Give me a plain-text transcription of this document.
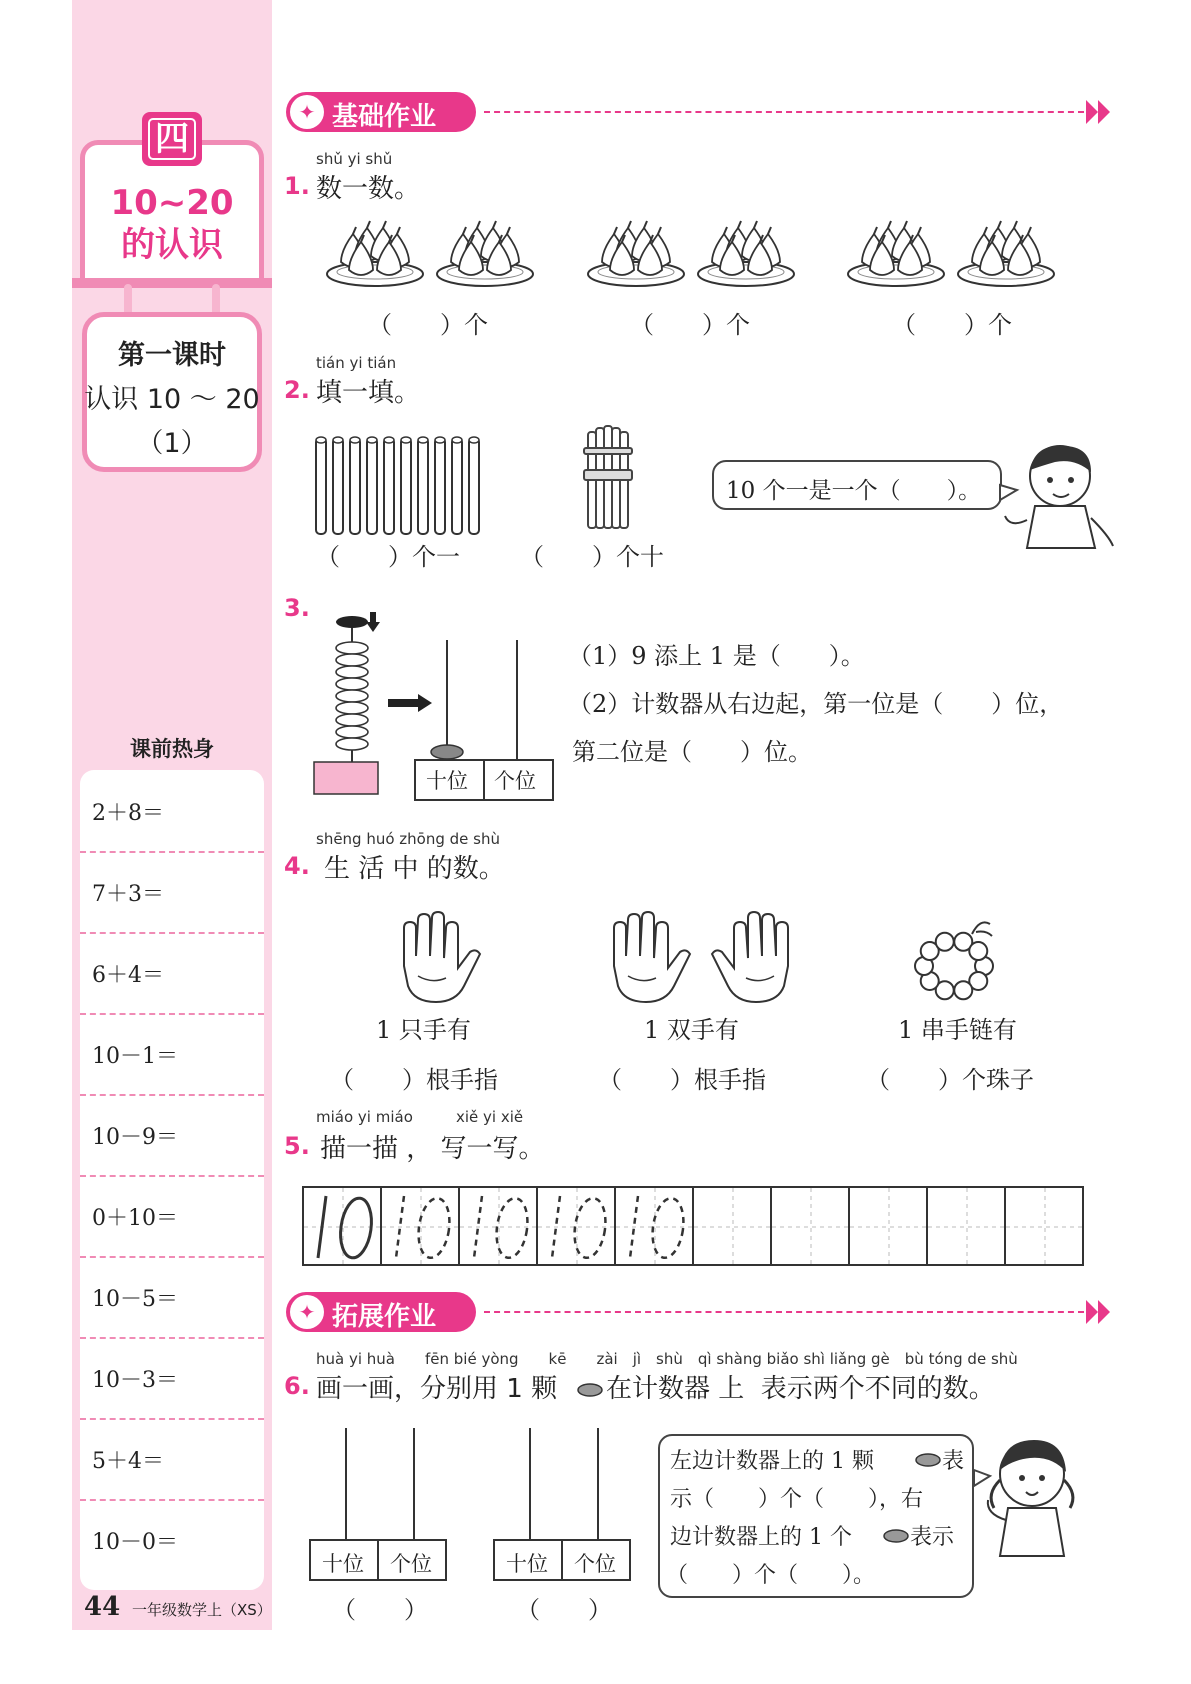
四
10~20
的认识
第一课时
认识 10 ～ 20
（1）
课前热身
2＋8＝
7＋3＝
6＋4＝
10－1＝
10－9＝
0＋10＝
10－5＝
10－3＝
5＋4＝
10－0＝
44 一年级数学上（XS）
✦ 基础作业
shǔ yi shǔ
1. 数一数。
（　　）个	（　　）个	（　　）个
tián yi tián
2. 填一填。
（　　）个一	（　　）个十
10 个一是一个（　　）。
3.
十位 个位
（1）9 添上 1 是（　　）。
（2）计数器从右边起，第一位是（　　）位，
第二位是（　　）位。
shēng huó zhōng de shù
4. 生 活 中 的数。
1 只手有	1 双手有	1 串手链有
（　　）根手指	（　　）根手指	（　　）个珠子
miáo yi miáo	xiě yi xiě
5. 描一描 ， 写一写。
✦ 拓展作业
huà yi huà　　fēn bié yòng　　kē　　zài　jì　shù　qì shàng biǎo shì liǎng gè　bù tóng de shù
6. 画一画，分别用 1 颗 在计数器 上  表示两个不同的数。
十位 个位
（　　）
十位 个位
（　　）
左边计数器上的 1 颗	表
示（　　）个（　　），右
边计数器上的 1 个	表示
（　　）个（　　）。
